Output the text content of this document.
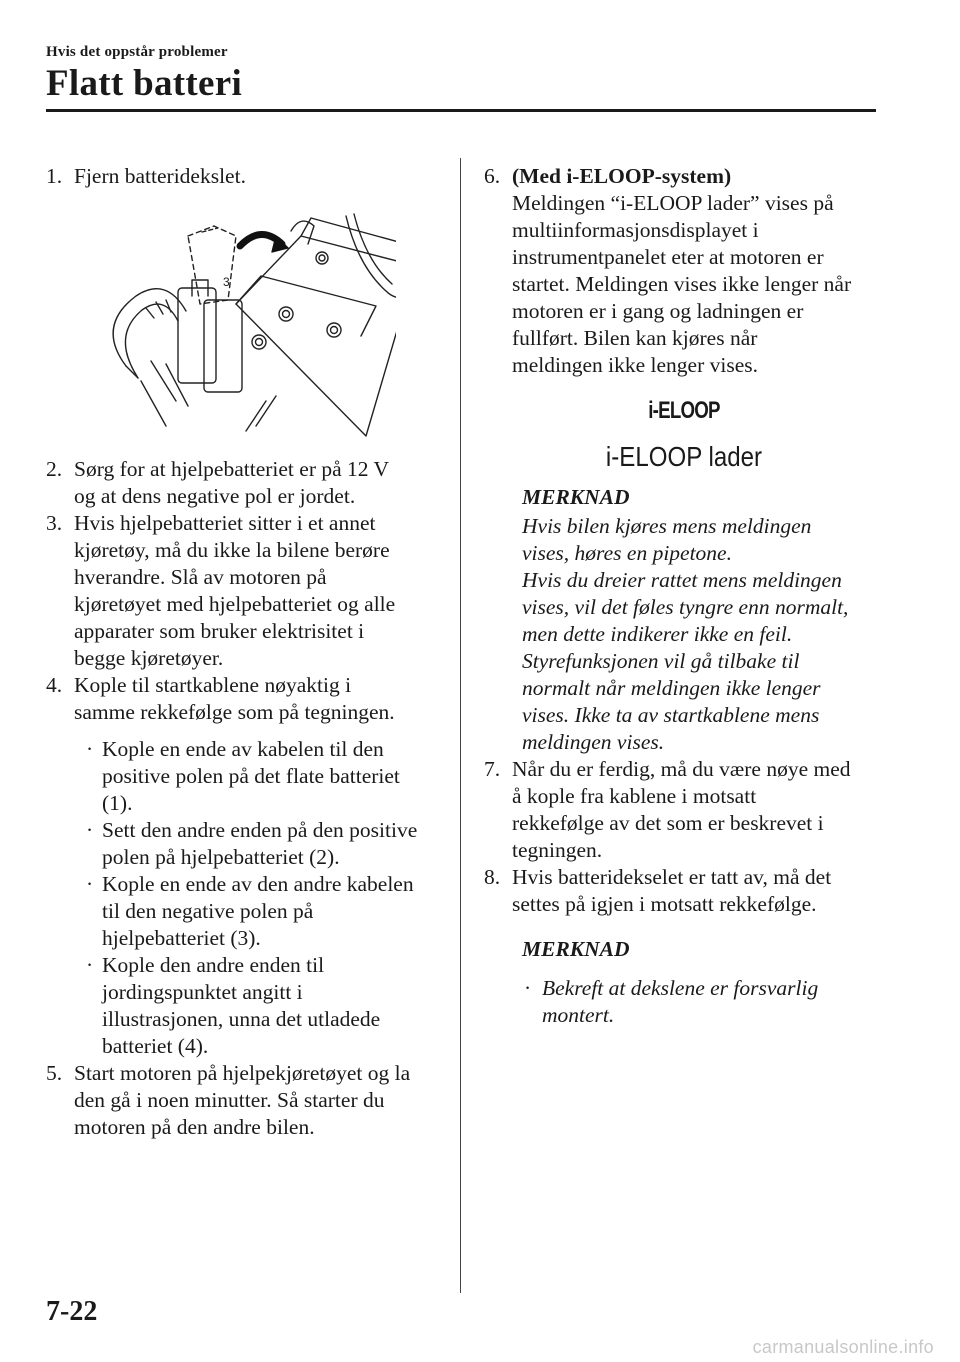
Hvis det oppstår problemer
Flatt batteri
1. Fjern batteridekslet.
3
2. Sørg for at hjelpebatteriet er på 12 V
og at dens negative pol er jordet.
3. Hvis hjelpebatteriet sitter i et annet
kjøretøy, må du ikke la bilene berøre
hverandre. Slå av motoren på
kjøretøyet med hjelpebatteriet og alle
apparater som bruker elektrisitet i
begge kjøretøyer.
4. Kople til startkablene nøyaktig i
samme rekkefølge som på tegningen.
· Kople en ende av kabelen til den
positive polen på det flate batteriet
(1).
· Sett den andre enden på den positive
polen på hjelpebatteriet (2).
· Kople en ende av den andre kabelen
til den negative polen på
hjelpebatteriet (3).
· Kople den andre enden til
jordingspunktet angitt i
illustrasjonen, unna det utladede
batteriet (4).
5. Start motoren på hjelpekjøretøyet og la
den gå i noen minutter. Så starter du
motoren på den andre bilen.
6. (Med i-ELOOP-system)
Meldingen “i-ELOOP lader” vises på
multiinformasjonsdisplayet i
instrumentpanelet eter at motoren er
startet. Meldingen vises ikke lenger når
motoren er i gang og ladningen er
fullført. Bilen kan kjøres når
meldingen ikke lenger vises.
i-ELOOP
i-ELOOP lader
MERKNAD
Hvis bilen kjøres mens meldingen
vises, høres en pipetone.
Hvis du dreier rattet mens meldingen
vises, vil det føles tyngre enn normalt,
men dette indikerer ikke en feil.
Styrefunksjonen vil gå tilbake til
normalt når meldingen ikke lenger
vises. Ikke ta av startkablene mens
meldingen vises.
7. Når du er ferdig, må du være nøye med
å kople fra kablene i motsatt
rekkefølge av det som er beskrevet i
tegningen.
8. Hvis batteridekselet er tatt av, må det
settes på igjen i motsatt rekkefølge.
MERKNAD
· Bekreft at dekslene er forsvarlig
montert.
7-22
carmanualsonline.info
